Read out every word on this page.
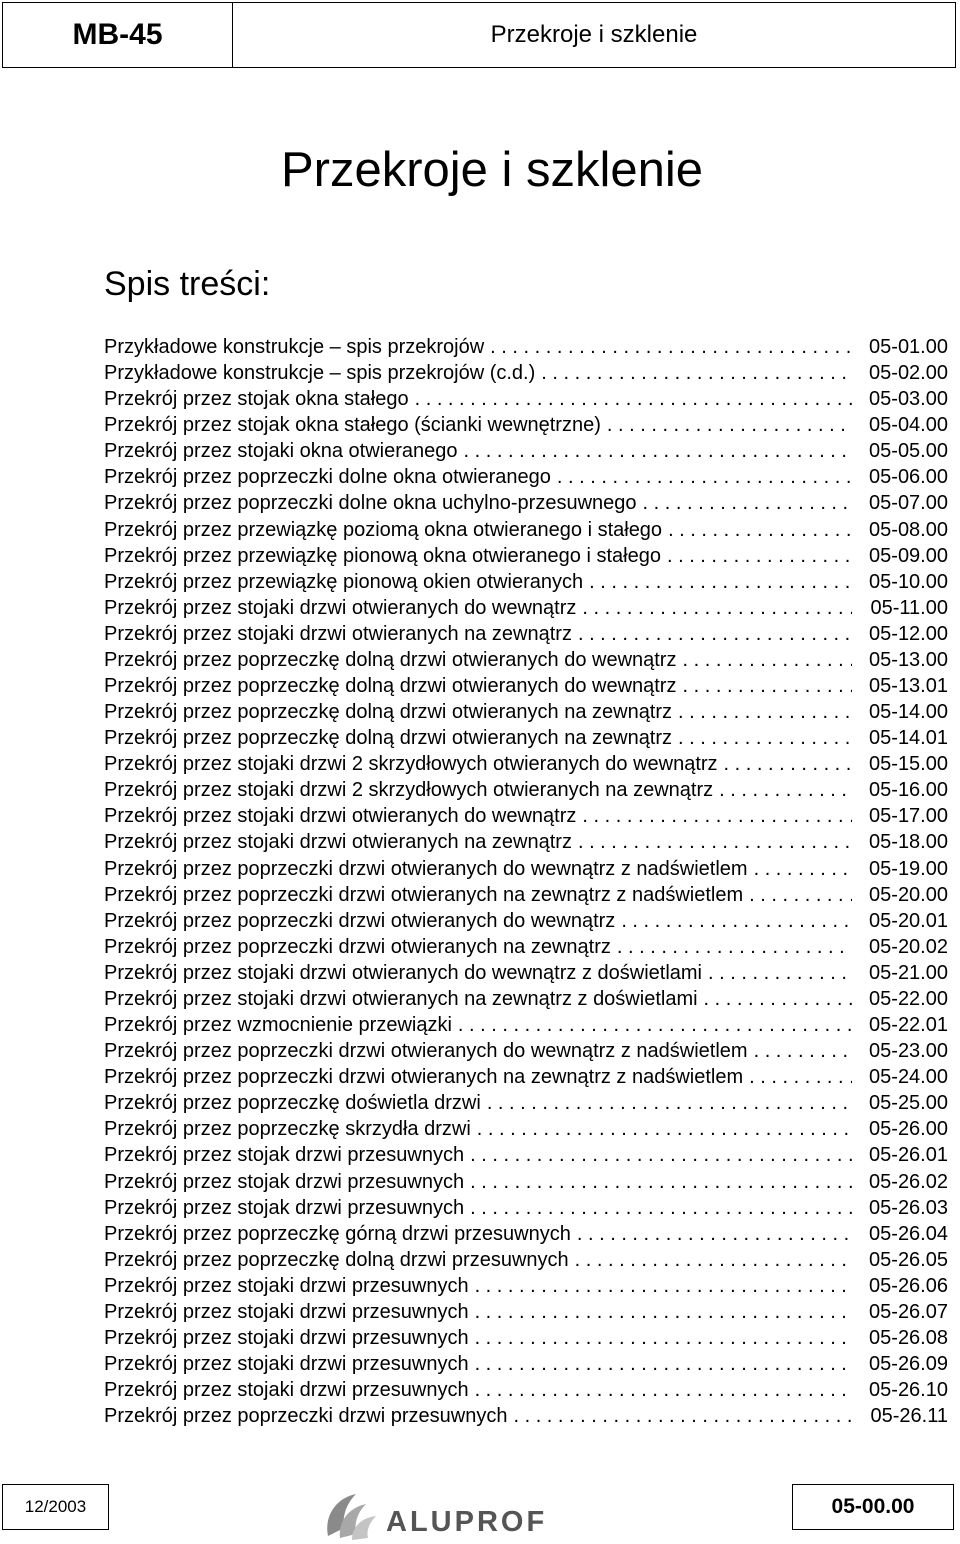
MB-45	Przekroje i szklenie
Przekroje i szklenie
Spis treści:
Przykładowe konstrukcje – spis przekrojów . . .	05-01.00
Przykładowe konstrukcje – spis przekrojów (c.d.) . . .	05-02.00
Przekrój przez stojak okna stałego . . .	05-03.00
Przekrój przez stojak okna stałego (ścianki wewnętrzne) . . .	05-04.00
Przekrój przez stojaki okna otwieranego . . .	05-05.00
Przekrój przez poprzeczki dolne okna otwieranego . . .	05-06.00
Przekrój przez poprzeczki dolne okna uchylno-przesuwnego . . .	05-07.00
Przekrój przez przewiązkę poziomą okna otwieranego i stałego . . .	05-08.00
Przekrój przez przewiązkę pionową okna otwieranego i stałego . . .	05-09.00
Przekrój przez przewiązkę pionową okien otwieranych . . .	05-10.00
Przekrój przez stojaki drzwi otwieranych do wewnątrz . . .	05-11.00
Przekrój przez stojaki drzwi otwieranych na zewnątrz . . .	05-12.00
Przekrój przez poprzeczkę dolną drzwi otwieranych do wewnątrz . . .	05-13.00
Przekrój przez poprzeczkę dolną drzwi otwieranych do wewnątrz . . .	05-13.01
Przekrój przez poprzeczkę dolną drzwi otwieranych na zewnątrz . . .	05-14.00
Przekrój przez poprzeczkę dolną drzwi otwieranych na zewnątrz . . .	05-14.01
Przekrój przez stojaki drzwi 2 skrzydłowych otwieranych do wewnątrz . . .	05-15.00
Przekrój przez stojaki drzwi 2 skrzydłowych otwieranych na zewnątrz . . .	05-16.00
Przekrój przez stojaki drzwi otwieranych do wewnątrz . . .	05-17.00
Przekrój przez stojaki drzwi otwieranych na zewnątrz . . .	05-18.00
Przekrój przez poprzeczki drzwi otwieranych do wewnątrz z nadświetlem . . .	05-19.00
Przekrój przez poprzeczki drzwi otwieranych na zewnątrz z nadświetlem . . .	05-20.00
Przekrój przez poprzeczki drzwi otwieranych do wewnątrz . . .	05-20.01
Przekrój przez poprzeczki drzwi otwieranych na zewnątrz . . .	05-20.02
Przekrój przez stojaki drzwi otwieranych do wewnątrz z doświetlami . . .	05-21.00
Przekrój przez stojaki drzwi otwieranych na zewnątrz z doświetlami . . .	05-22.00
Przekrój przez wzmocnienie przewiązki . . .	05-22.01
Przekrój przez poprzeczki drzwi otwieranych do wewnątrz z nadświetlem . . .	05-23.00
Przekrój przez poprzeczki drzwi otwieranych na zewnątrz z nadświetlem . . .	05-24.00
Przekrój przez poprzeczkę doświetla drzwi . . .	05-25.00
Przekrój przez poprzeczkę skrzydła drzwi . . .	05-26.00
Przekrój przez stojak drzwi przesuwnych . . .	05-26.01
Przekrój przez stojak drzwi przesuwnych . . .	05-26.02
Przekrój przez stojak drzwi przesuwnych . . .	05-26.03
Przekrój przez poprzeczkę górną drzwi przesuwnych . . .	05-26.04
Przekrój przez poprzeczkę dolną drzwi przesuwnych . . .	05-26.05
Przekrój przez stojaki drzwi przesuwnych . . .	05-26.06
Przekrój przez stojaki drzwi przesuwnych . . .	05-26.07
Przekrój przez stojaki drzwi przesuwnych . . .	05-26.08
Przekrój przez stojaki drzwi przesuwnych . . .	05-26.09
Przekrój przez stojaki drzwi przesuwnych . . .	05-26.10
Przekrój przez poprzeczki drzwi przesuwnych . . .	05-26.11
12/2003	ALUPROF	05-00.00
